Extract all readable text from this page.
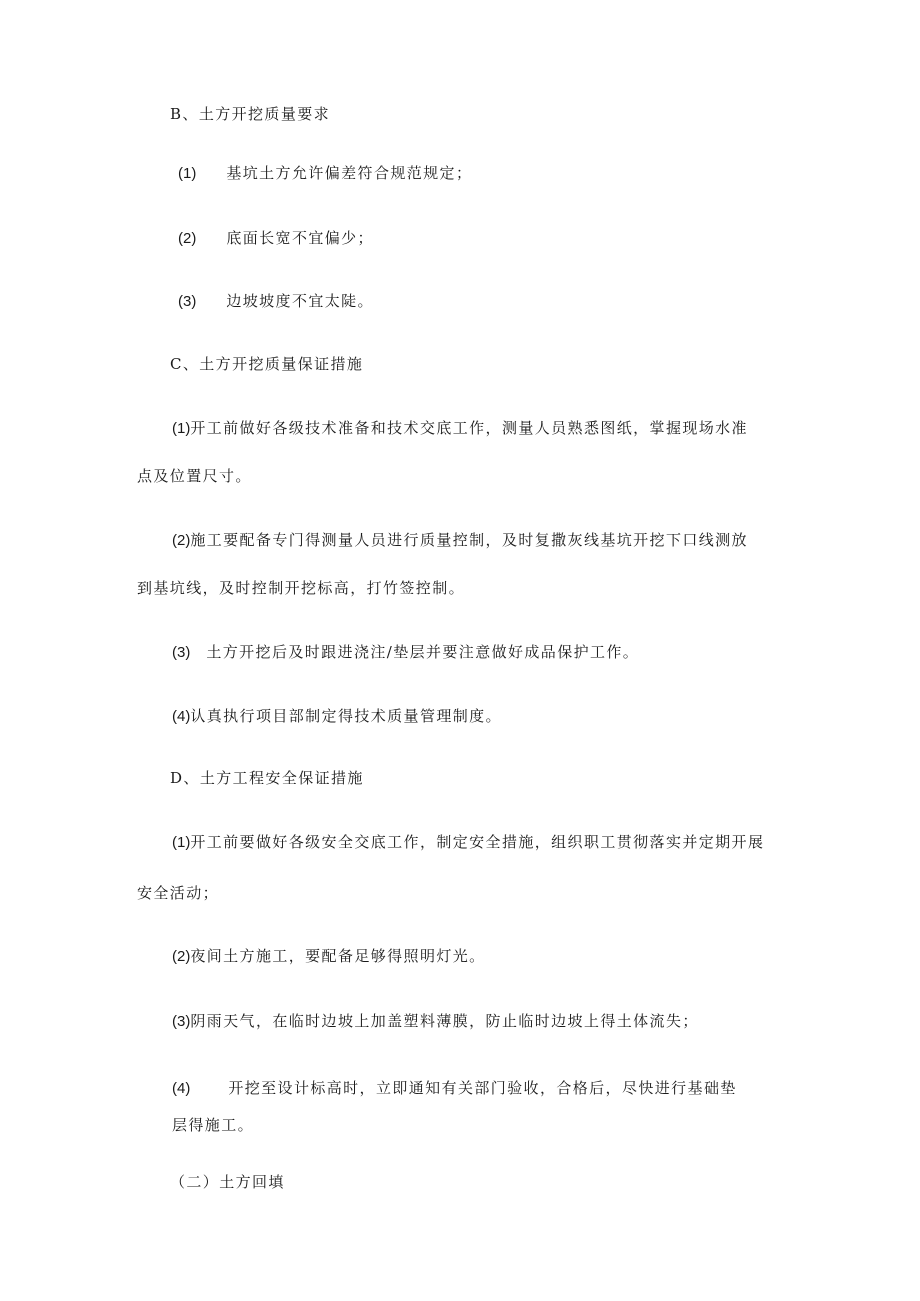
B、土方开挖质量要求
(1) 基坑土方允许偏差符合规范规定；
(2) 底面长宽不宜偏少；
(3) 边坡坡度不宜太陡。
C、土方开挖质量保证措施
(1)开工前做好各级技术准备和技术交底工作，测量人员熟悉图纸，掌握现场水准
点及位置尺寸。
(2)施工要配备专门得测量人员进行质量控制，及时复撒灰线基坑开挖下口线测放
到基坑线，及时控制开挖标高，打竹签控制。
(3) 土方开挖后及时跟进浇注/垫层并要注意做好成品保护工作。
(4)认真执行项目部制定得技术质量管理制度。
D、土方工程安全保证措施
(1)开工前要做好各级安全交底工作，制定安全措施，组织职工贯彻落实并定期开展
安全活动；
(2)夜间土方施工，要配备足够得照明灯光。
(3)阴雨天气，在临时边坡上加盖塑料薄膜，防止临时边坡上得土体流失；
(4)	开挖至设计标高时，立即通知有关部门验收，合格后，尽快进行基础垫
层得施工。
（二）土方回填
